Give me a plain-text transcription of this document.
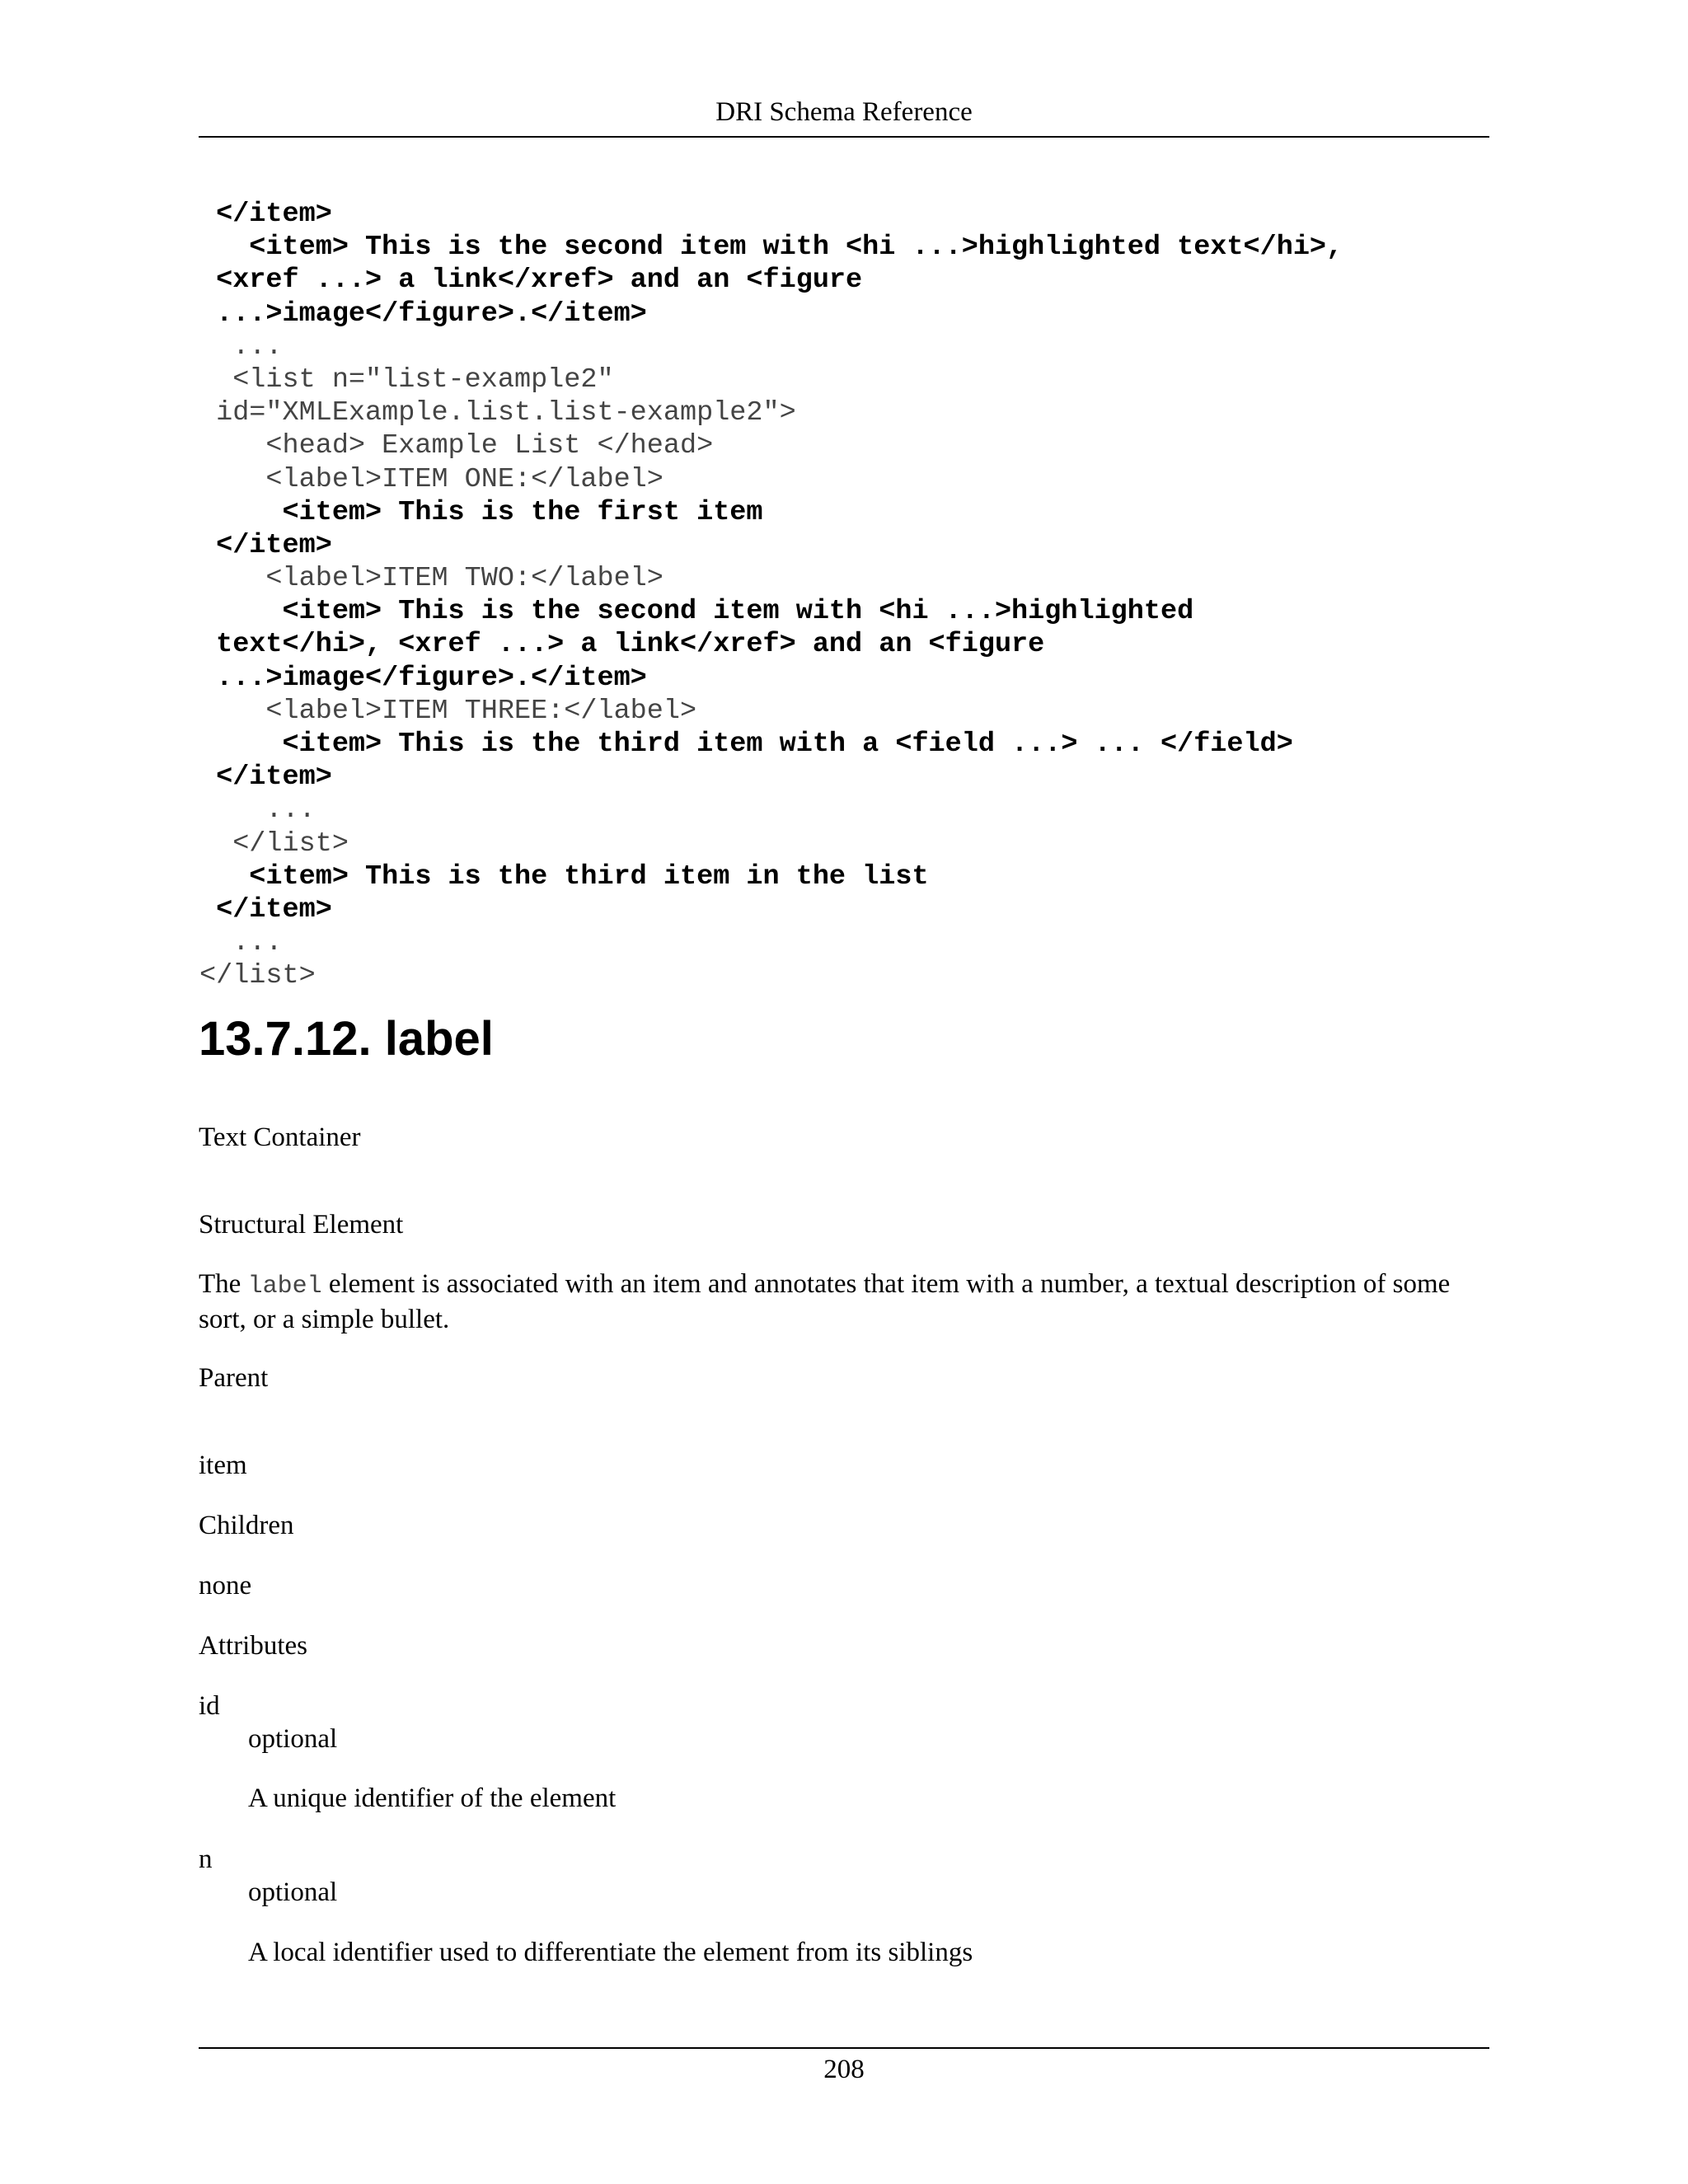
DRI Schema Reference
</item>
<item> This is the second item with <hi ...>highlighted text</hi>,
<xref ...> a link</xref> and an <figure
...>image</figure>.</item>
...
<list n="list-example2"
id="XMLExample.list.list-example2">
<head> Example List </head>
<label>ITEM ONE:</label>
<item> This is the first item
</item>
<label>ITEM TWO:</label>
<item> This is the second item with <hi ...>highlighted
text</hi>, <xref ...> a link</xref> and an <figure
...>image</figure>.</item>
<label>ITEM THREE:</label>
<item> This is the third item with a <field ...> ... </field>
</item>
...
</list>
<item> This is the third item in the list
</item>
...
</list>
13.7.12. label

Text Container

Structural Element

The label element is associated with an item and annotates that item with a number, a textual description of some sort, or a simple bullet.

Parent

item

Children

none

Attributes

id

optional

A unique identifier of the element

n

optional

A local identifier used to differentiate the element from its siblings

208
